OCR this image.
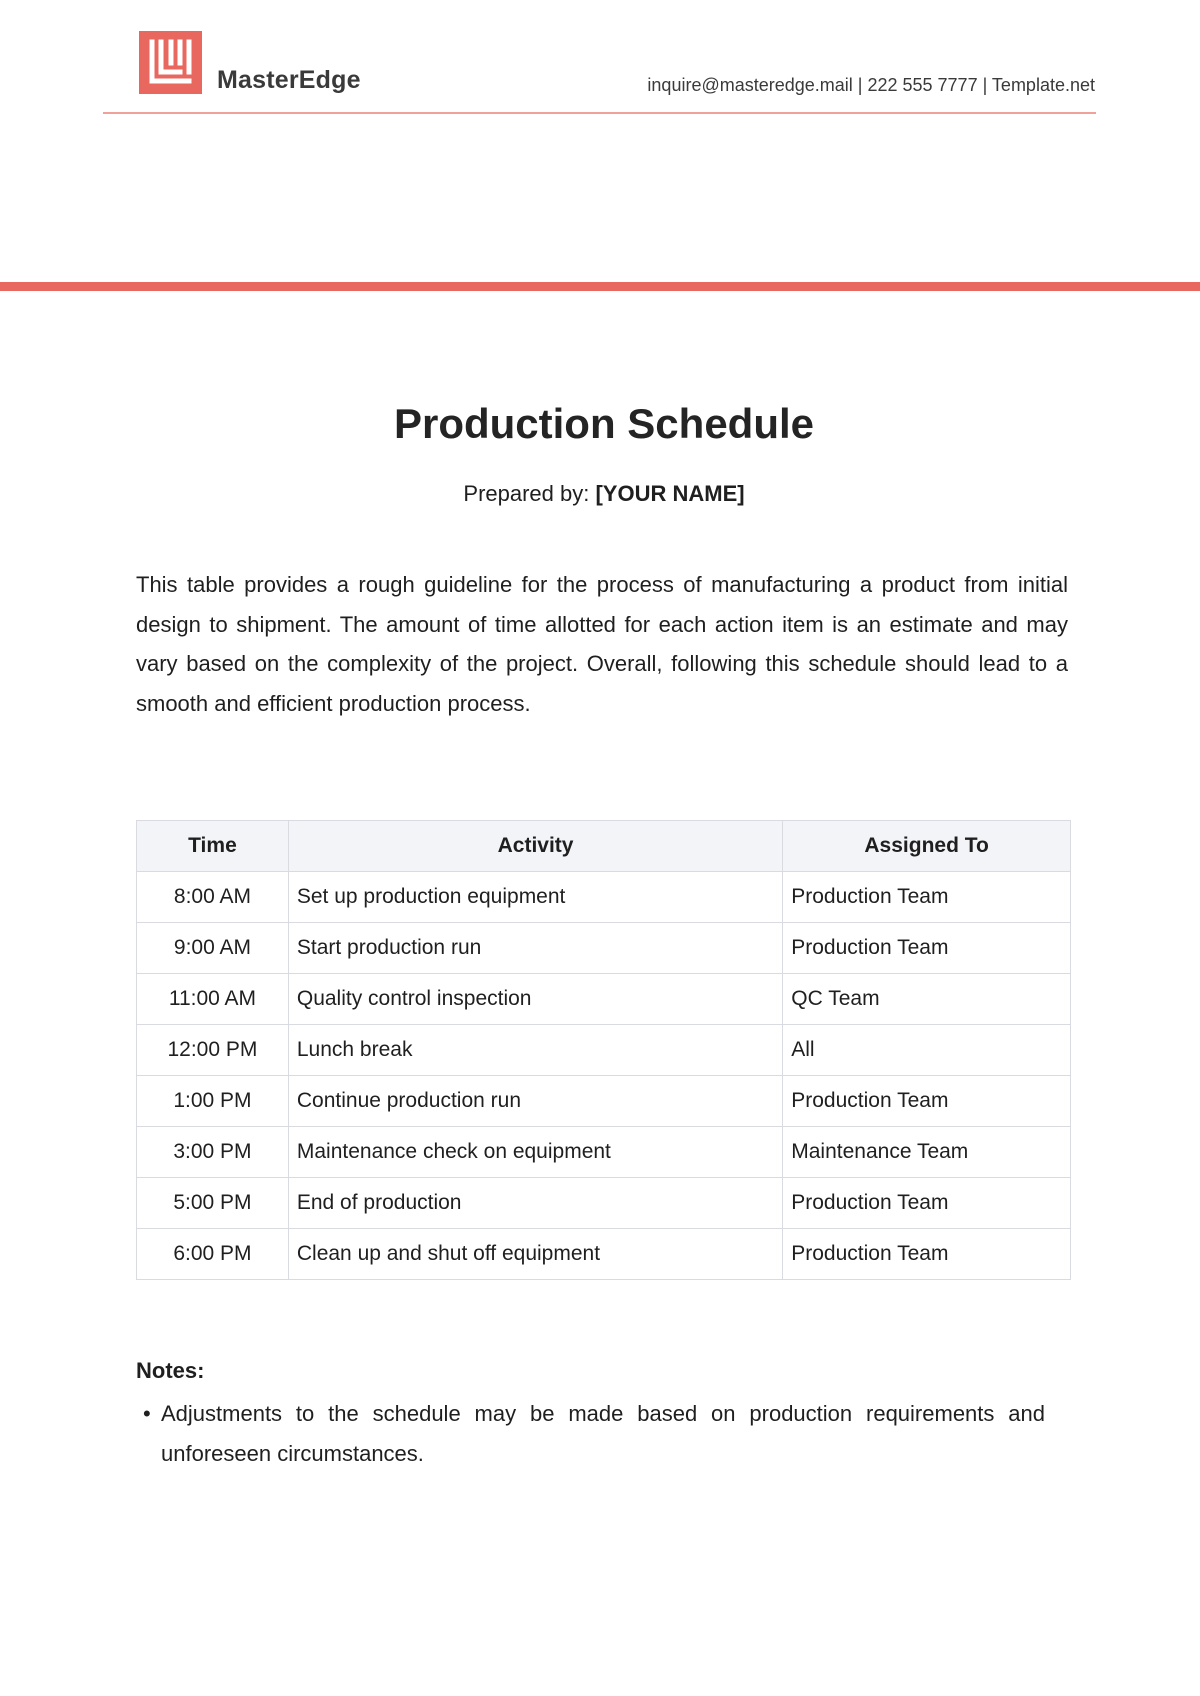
MasterEdge	inquire@masteredge.mail | 222 555 7777 | Template.net
Production Schedule
Prepared by: [YOUR NAME]

This table provides a rough guideline for the process of manufacturing a product from initial design to shipment. The amount of time allotted for each action item is an estimate and may vary based on the complexity of the project. Overall, following this schedule should lead to a smooth and efficient production process.

Time	Activity	Assigned To
8:00 AM	Set up production equipment	Production Team
9:00 AM	Start production run	Production Team
11:00 AM	Quality control inspection	QC Team
12:00 PM	Lunch break	All
1:00 PM	Continue production run	Production Team
3:00 PM	Maintenance check on equipment	Maintenance Team
5:00 PM	End of production	Production Team
6:00 PM	Clean up and shut off equipment	Production Team
Notes:
• Adjustments to the schedule may be made based on production requirements and unforeseen circumstances.
